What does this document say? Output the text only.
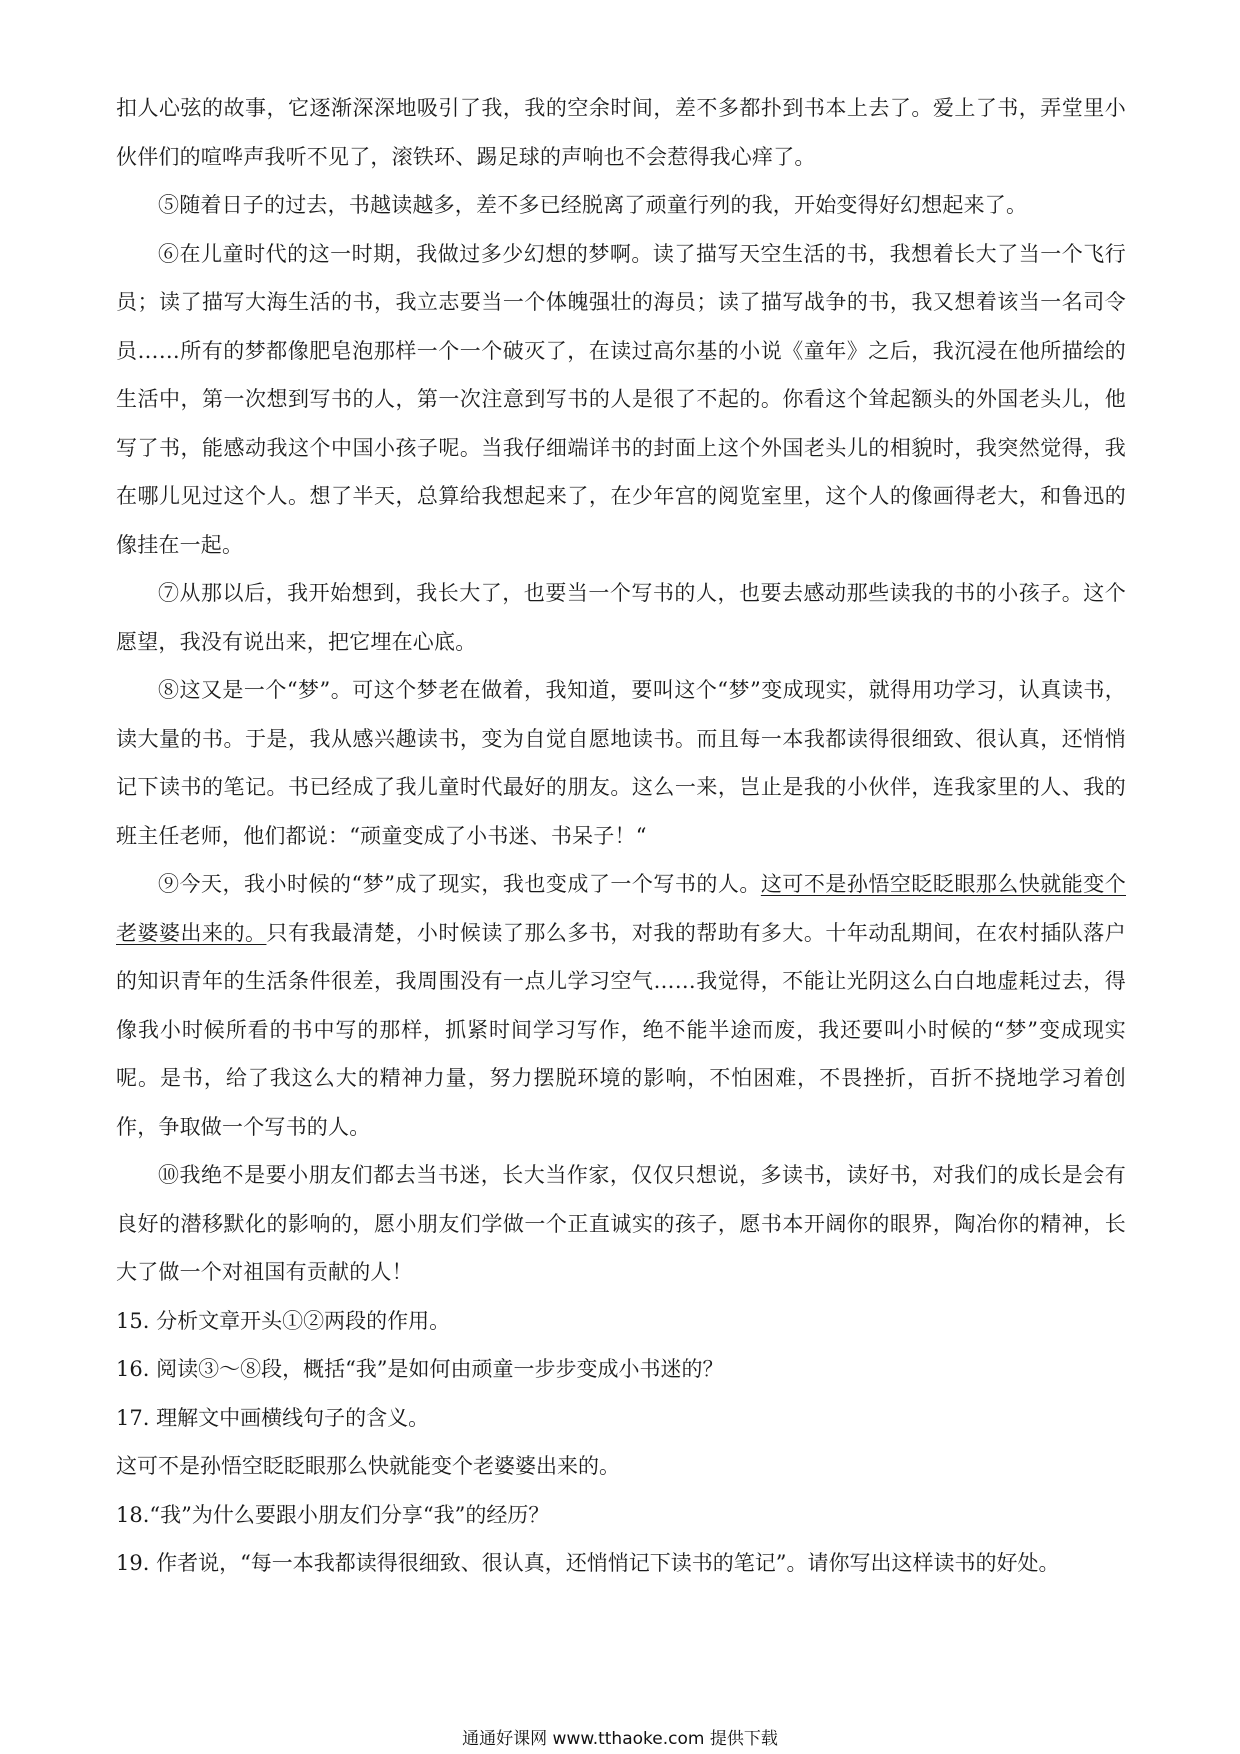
扣人心弦的故事，它逐渐深深地吸引了我，我的空余时间，差不多都扑到书本上去了。爱上了书，弄堂里小伙伴们的喧哗声我听不见了，滚铁环、踢足球的声响也不会惹得我心痒了。

⑤随着日子的过去，书越读越多，差不多已经脱离了顽童行列的我，开始变得好幻想起来了。

⑥在儿童时代的这一时期，我做过多少幻想的梦啊。读了描写天空生活的书，我想着长大了当一个飞行员；读了描写大海生活的书，我立志要当一个体魄强壮的海员；读了描写战争的书，我又想着该当一名司令员……所有的梦都像肥皂泡那样一个一个破灭了，在读过高尔基的小说《童年》之后，我沉浸在他所描绘的生活中，第一次想到写书的人，第一次注意到写书的人是很了不起的。你看这个耸起额头的外国老头儿，他写了书，能感动我这个中国小孩子呢。当我仔细端详书的封面上这个外国老头儿的相貌时，我突然觉得，我在哪儿见过这个人。想了半天，总算给我想起来了，在少年宫的阅览室里，这个人的像画得老大，和鲁迅的像挂在一起。

⑦从那以后，我开始想到，我长大了，也要当一个写书的人，也要去感动那些读我的书的小孩子。这个愿望，我没有说出来，把它埋在心底。

⑧这又是一个“梦”。可这个梦老在做着，我知道，要叫这个“梦”变成现实，就得用功学习，认真读书，读大量的书。于是，我从感兴趣读书，变为自觉自愿地读书。而且每一本我都读得很细致、很认真，还悄悄记下读书的笔记。书已经成了我儿童时代最好的朋友。这么一来，岂止是我的小伙伴，连我家里的人、我的班主任老师，他们都说：“顽童变成了小书迷、书呆子！“

⑨今天，我小时候的“梦”成了现实，我也变成了一个写书的人。这可不是孙悟空眨眨眼那么快就能变个老婆婆出来的。只有我最清楚，小时候读了那么多书，对我的帮助有多大。十年动乱期间，在农村插队落户的知识青年的生活条件很差，我周围没有一点儿学习空气……我觉得，不能让光阴这么白白地虚耗过去，得像我小时候所看的书中写的那样，抓紧时间学习写作，绝不能半途而废，我还要叫小时候的“梦”变成现实呢。是书，给了我这么大的精神力量，努力摆脱环境的影响，不怕困难，不畏挫折，百折不挠地学习着创作，争取做一个写书的人。

⑩我绝不是要小朋友们都去当书迷，长大当作家，仅仅只想说，多读书，读好书，对我们的成长是会有良好的潜移默化的影响的，愿小朋友们学做一个正直诚实的孩子，愿书本开阔你的眼界，陶冶你的精神，长大了做一个对祖国有贡献的人！

15. 分析文章开头①②两段的作用。

16. 阅读③～⑧段，概括“我”是如何由顽童一步步变成小书迷的？

17. 理解文中画横线句子的含义。

这可不是孙悟空眨眨眼那么快就能变个老婆婆出来的。

18.“我”为什么要跟小朋友们分享“我”的经历？

19. 作者说，“每一本我都读得很细致、很认真，还悄悄记下读书的笔记”。请你写出这样读书的好处。

通通好课网 www.tthaoke.com 提供下载
